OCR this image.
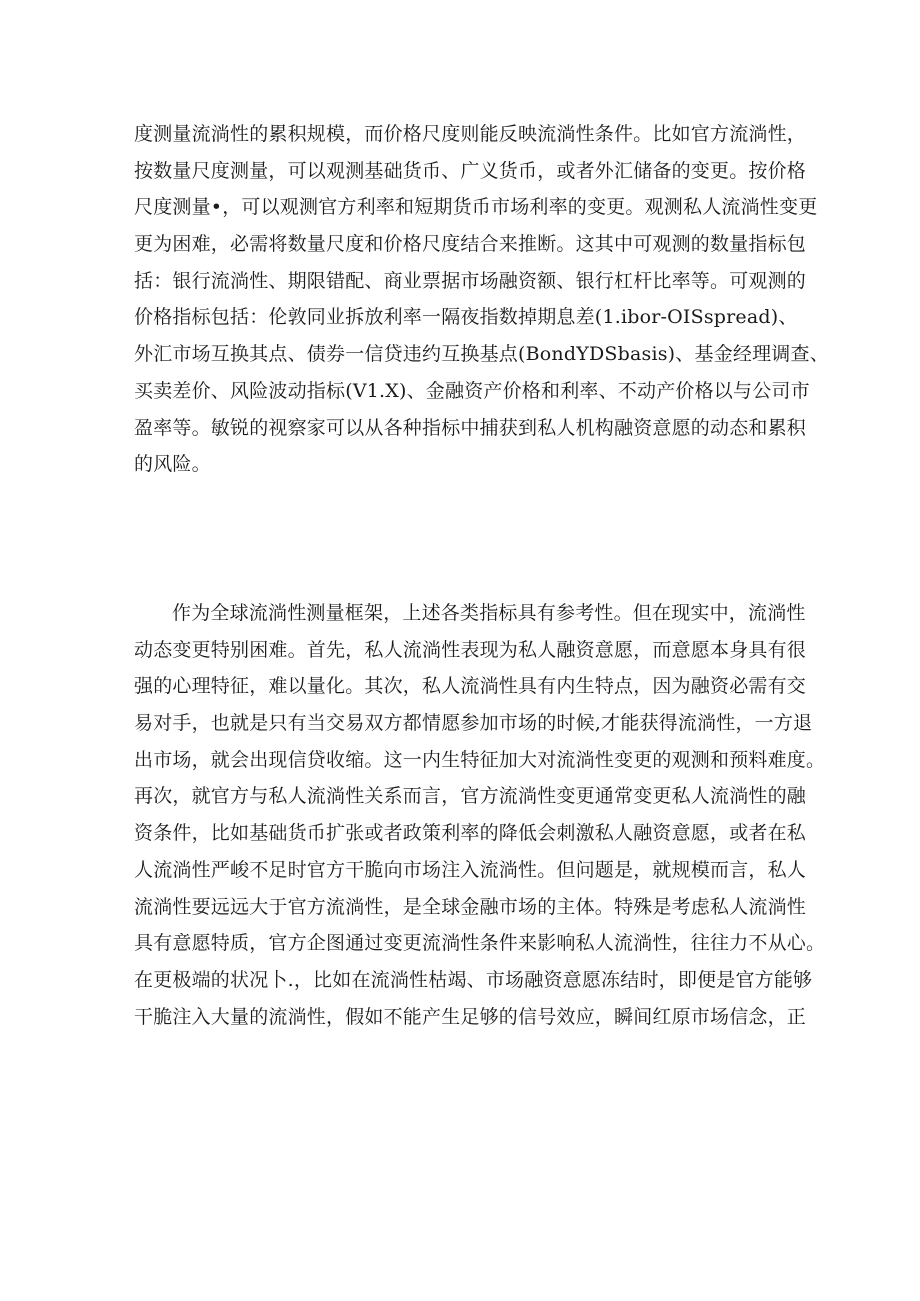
度测量流淌性的累积规模，而价格尺度则能反映流淌性条件。比如官方流淌性，
按数量尺度测量，可以观测基础货币、广义货币，或者外汇储备的变更。按价格
尺度测量•，可以观测官方利率和短期货币市场利率的变更。观测私人流淌性变更
更为困难，必需将数量尺度和价格尺度结合来推断。这其中可观测的数量指标包
括：银行流淌性、期限错配、商业票据市场融资额、银行杠杆比率等。可观测的
价格指标包括：伦敦同业拆放利率一隔夜指数掉期息差(1.ibor-OISspread)、
外汇市场互换其点、债券一信贷违约互换基点(BondYDSbasis)、基金经理调查、
买卖差价、风险波动指标(V1.X)、金融资产价格和利率、不动产价格以与公司市
盈率等。敏锐的视察家可以从各种指标中捕获到私人机构融资意愿的动态和累积
的风险。
作为全球流淌性测量框架，上述各类指标具有参考性。但在现实中，流淌性
动态变更特别困难。首先，私人流淌性表现为私人融资意愿，而意愿本身具有很
强的心理特征，难以量化。其次，私人流淌性具有内生特点，因为融资必需有交
易对手，也就是只有当交易双方都情愿参加市场的时候,才能获得流淌性，一方退
出市场，就会出现信贷收缩。这一内生特征加大对流淌性变更的观测和预料难度。
再次，就官方与私人流淌性关系而言，官方流淌性变更通常变更私人流淌性的融
资条件，比如基础货币扩张或者政策利率的降低会刺激私人融资意愿，或者在私
人流淌性严峻不足时官方干脆向市场注入流淌性。但问题是，就规模而言，私人
流淌性要远远大于官方流淌性，是全球金融市场的主体。特殊是考虑私人流淌性
具有意愿特质，官方企图通过变更流淌性条件来影响私人流淌性，往往力不从心。
在更极端的状况卜.，比如在流淌性枯竭、市场融资意愿冻结时，即便是官方能够
干脆注入大量的流淌性，假如不能产生足够的信号效应，瞬间红原市场信念，正
